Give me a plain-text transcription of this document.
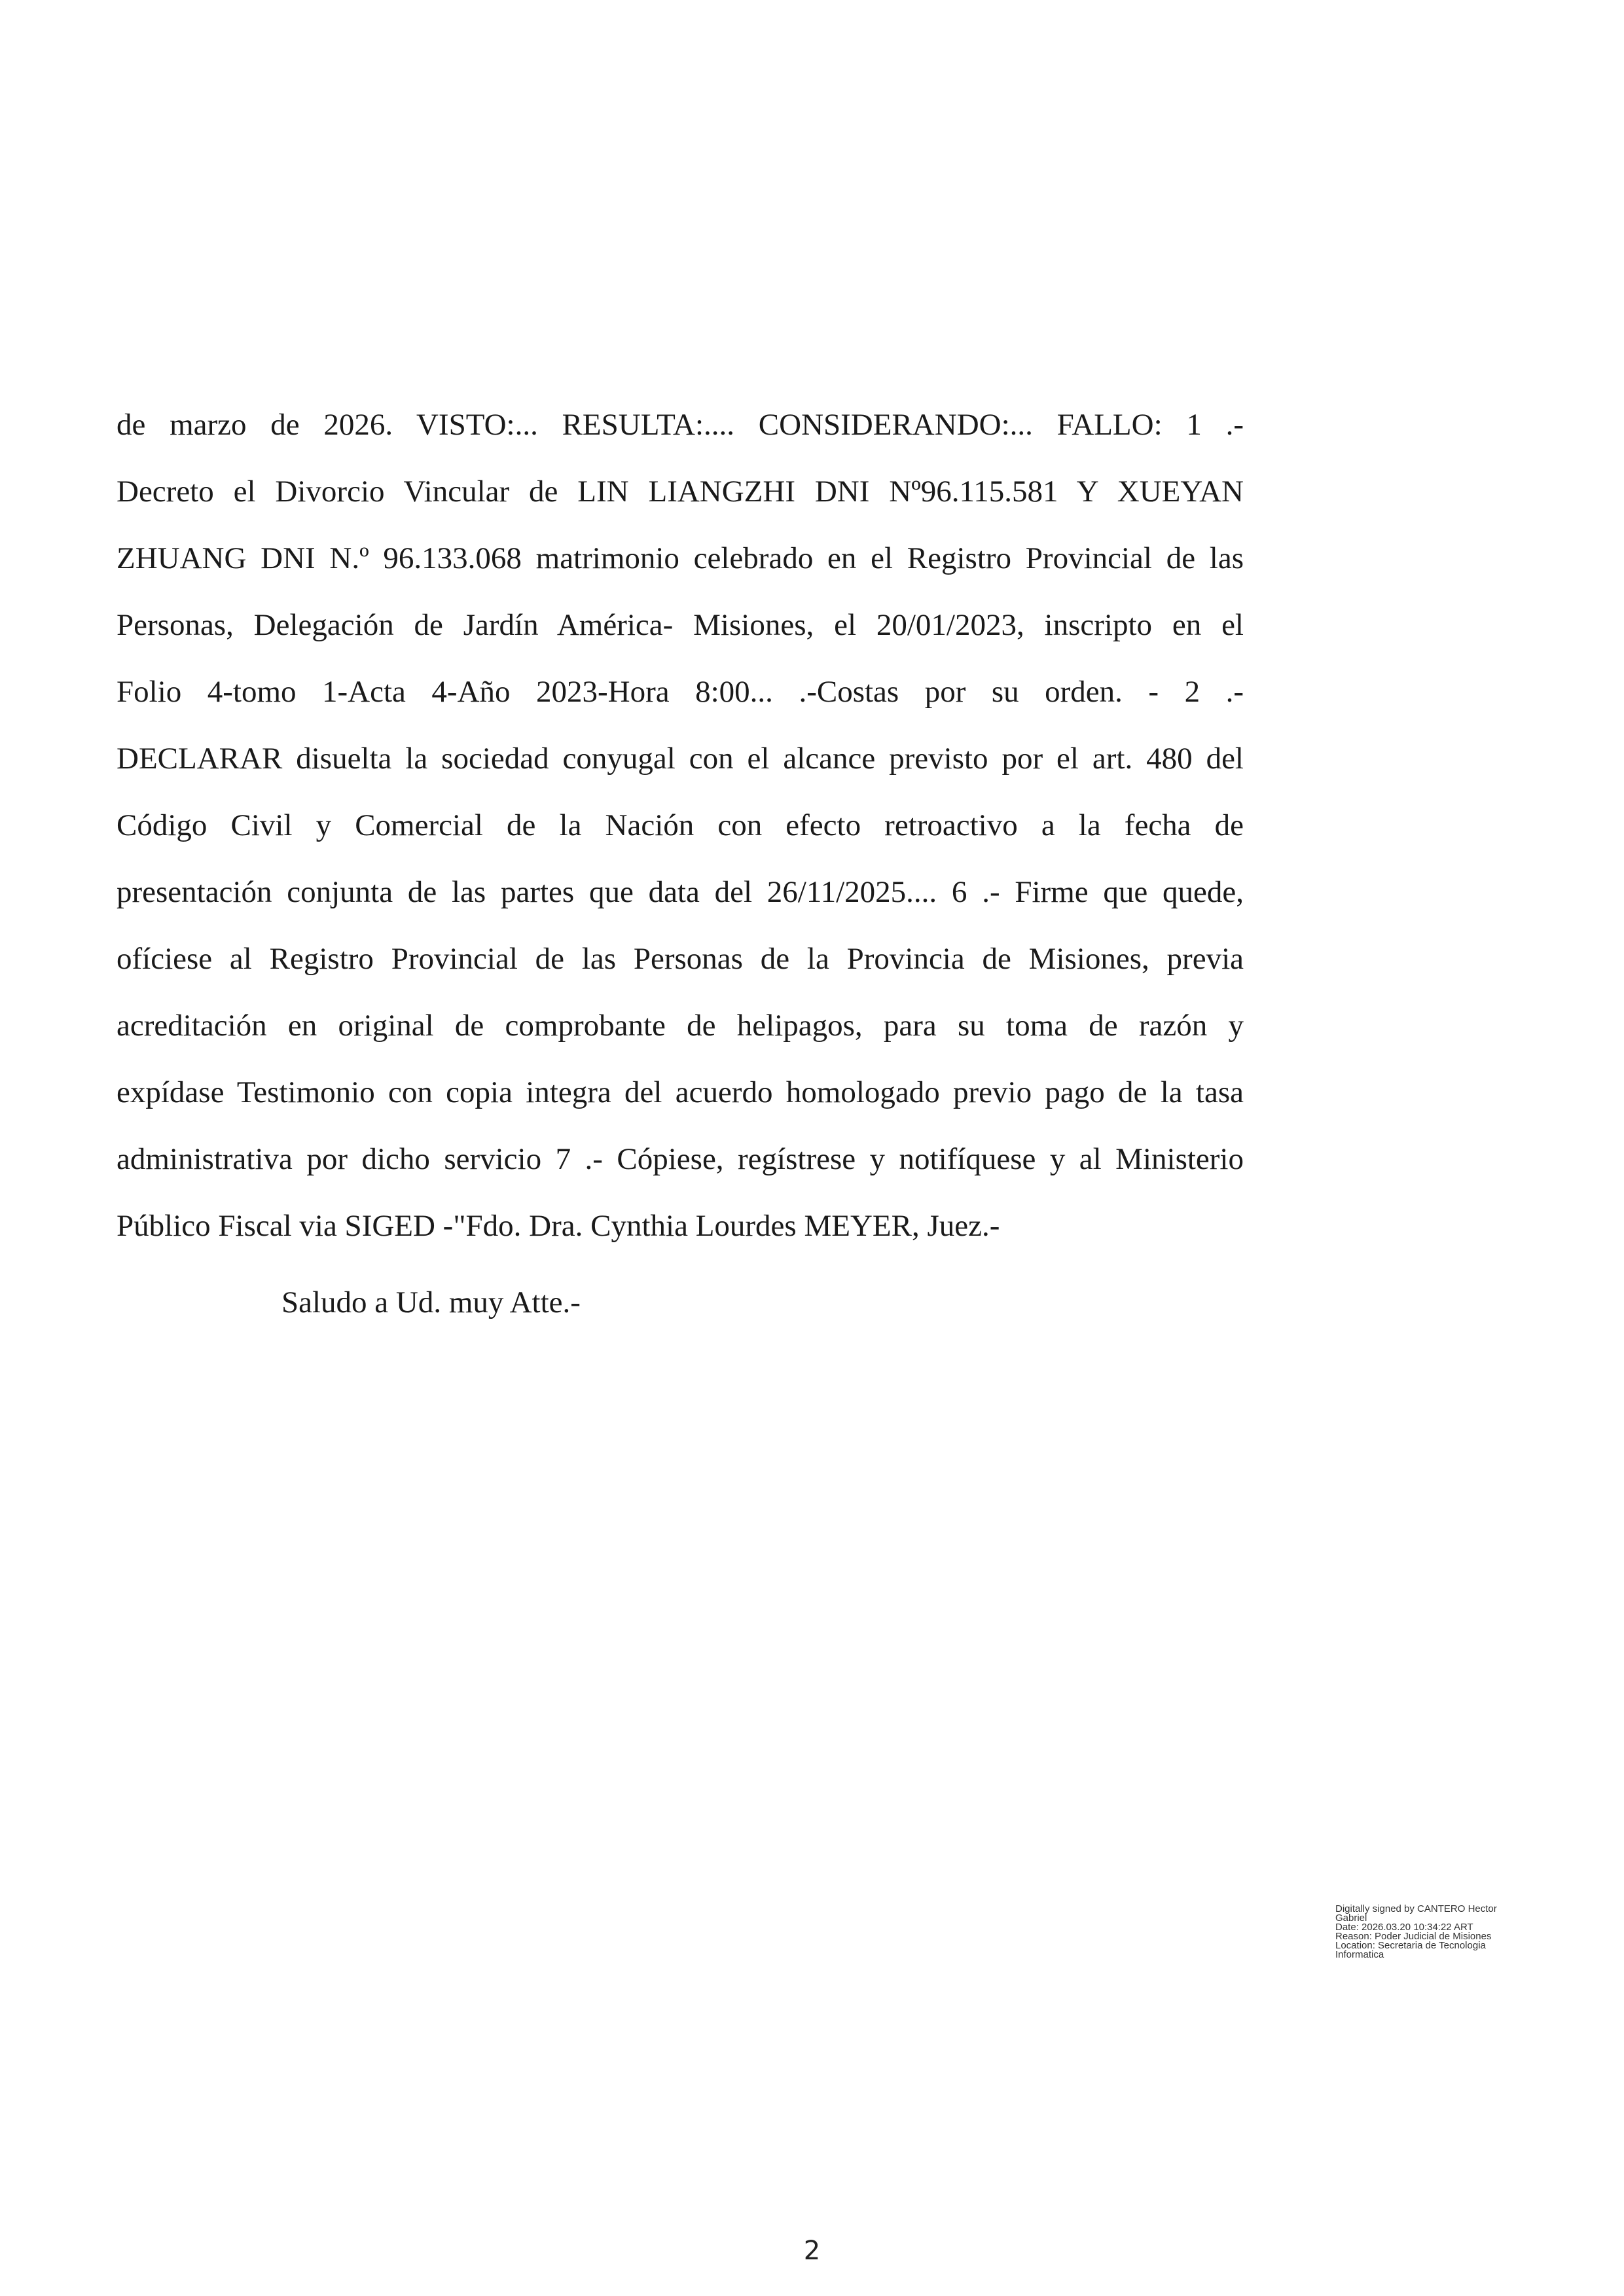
de marzo de 2026. VISTO:... RESULTA:.... CONSIDERANDO:... FALLO: 1 .-
Decreto el Divorcio Vincular de LIN LIANGZHI DNI Nº96.115.581 Y XUEYAN
ZHUANG DNI N.º 96.133.068 matrimonio celebrado en el Registro Provincial de las
Personas, Delegación de Jardín América- Misiones, el 20/01/2023, inscripto en el
Folio 4-tomo 1-Acta 4-Año 2023-Hora 8:00... .-Costas por su orden. - 2 .-
DECLARAR disuelta la sociedad conyugal con el alcance previsto por el art. 480 del
Código Civil y Comercial de la Nación con efecto retroactivo a la fecha de
presentación conjunta de las partes que data del 26/11/2025.... 6 .- Firme que quede,
ofíciese al Registro Provincial de las Personas de la Provincia de Misiones, previa
acreditación en original de comprobante de helipagos, para su toma de razón y
expídase Testimonio con copia integra del acuerdo homologado previo pago de la tasa
administrativa por dicho servicio 7 .- Cópiese, regístrese y notifíquese y al Ministerio
Público Fiscal via SIGED -"Fdo. Dra. Cynthia Lourdes MEYER, Juez.-

Saludo a Ud. muy Atte.-

Digitally signed by CANTERO Hector
Gabriel
Date: 2026.03.20 10:34:22 ART
Reason: Poder Judicial de Misiones
Location: Secretaria de Tecnologia
Informatica
2
